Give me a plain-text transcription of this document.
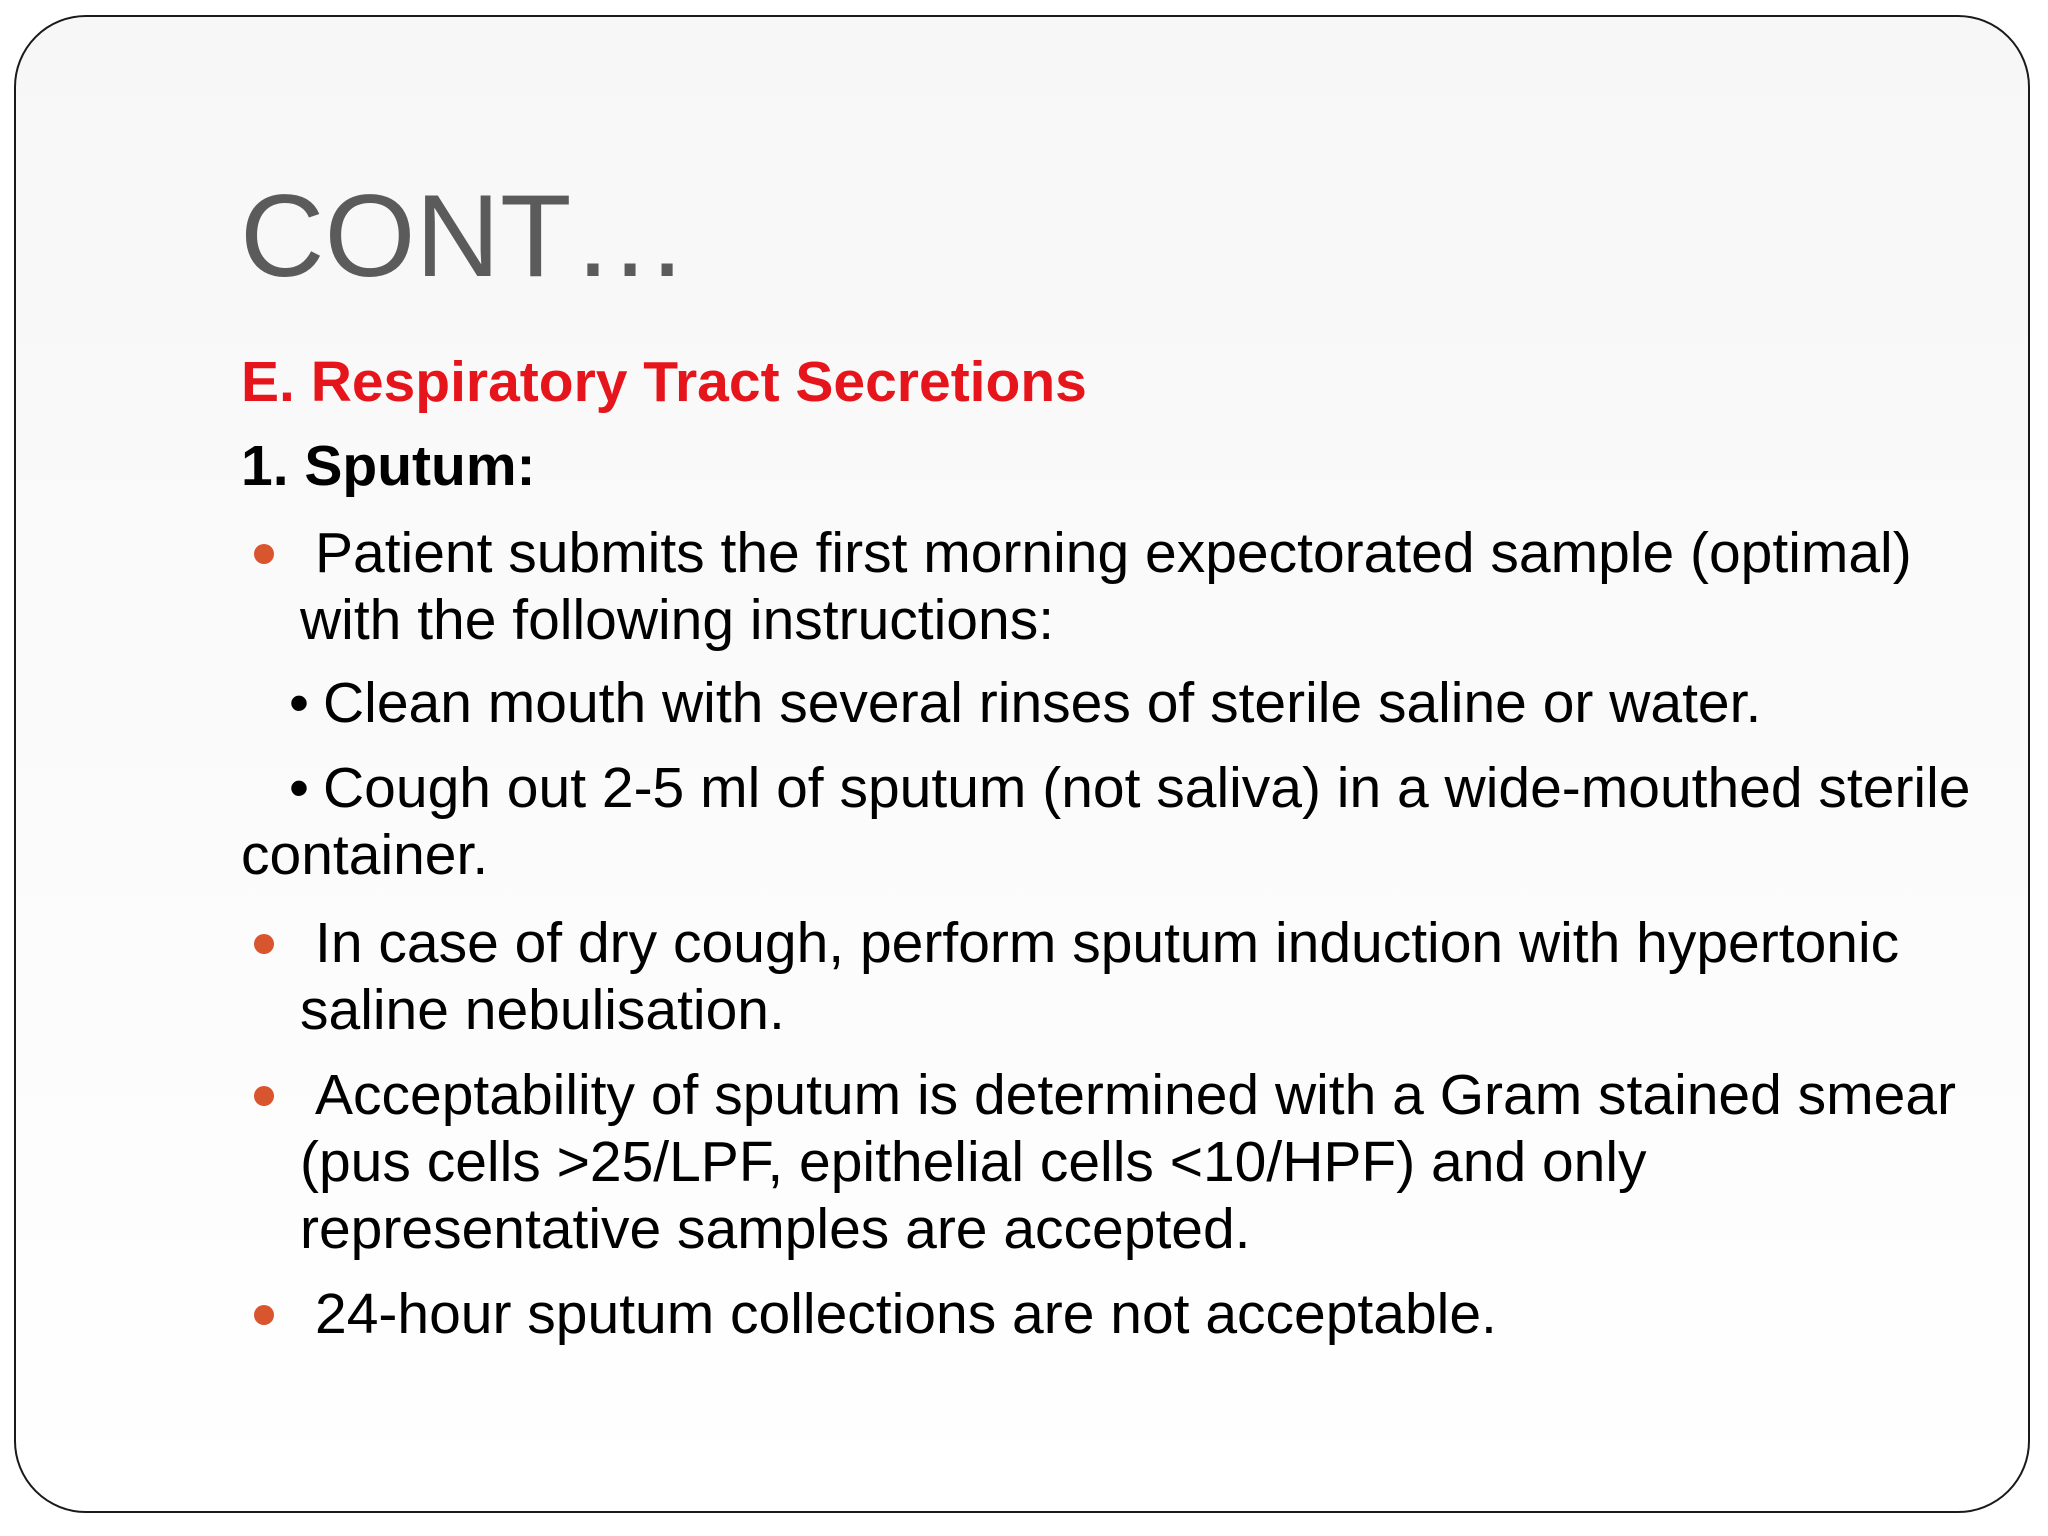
CONT…
E. Respiratory Tract Secretions
1. Sputum:
Patient submits the first morning expectorated sample (optimal) with the following instructions:
• Clean mouth with several rinses of sterile saline or water.
• Cough out 2-5 ml of sputum (not saliva) in a wide-mouthed sterile container.
In case of dry cough, perform sputum induction with hypertonic saline nebulisation.
Acceptability of sputum is determined with a Gram stained smear (pus cells >25/LPF, epithelial cells <10/HPF) and only representative samples are accepted.
24-hour sputum collections are not acceptable.
